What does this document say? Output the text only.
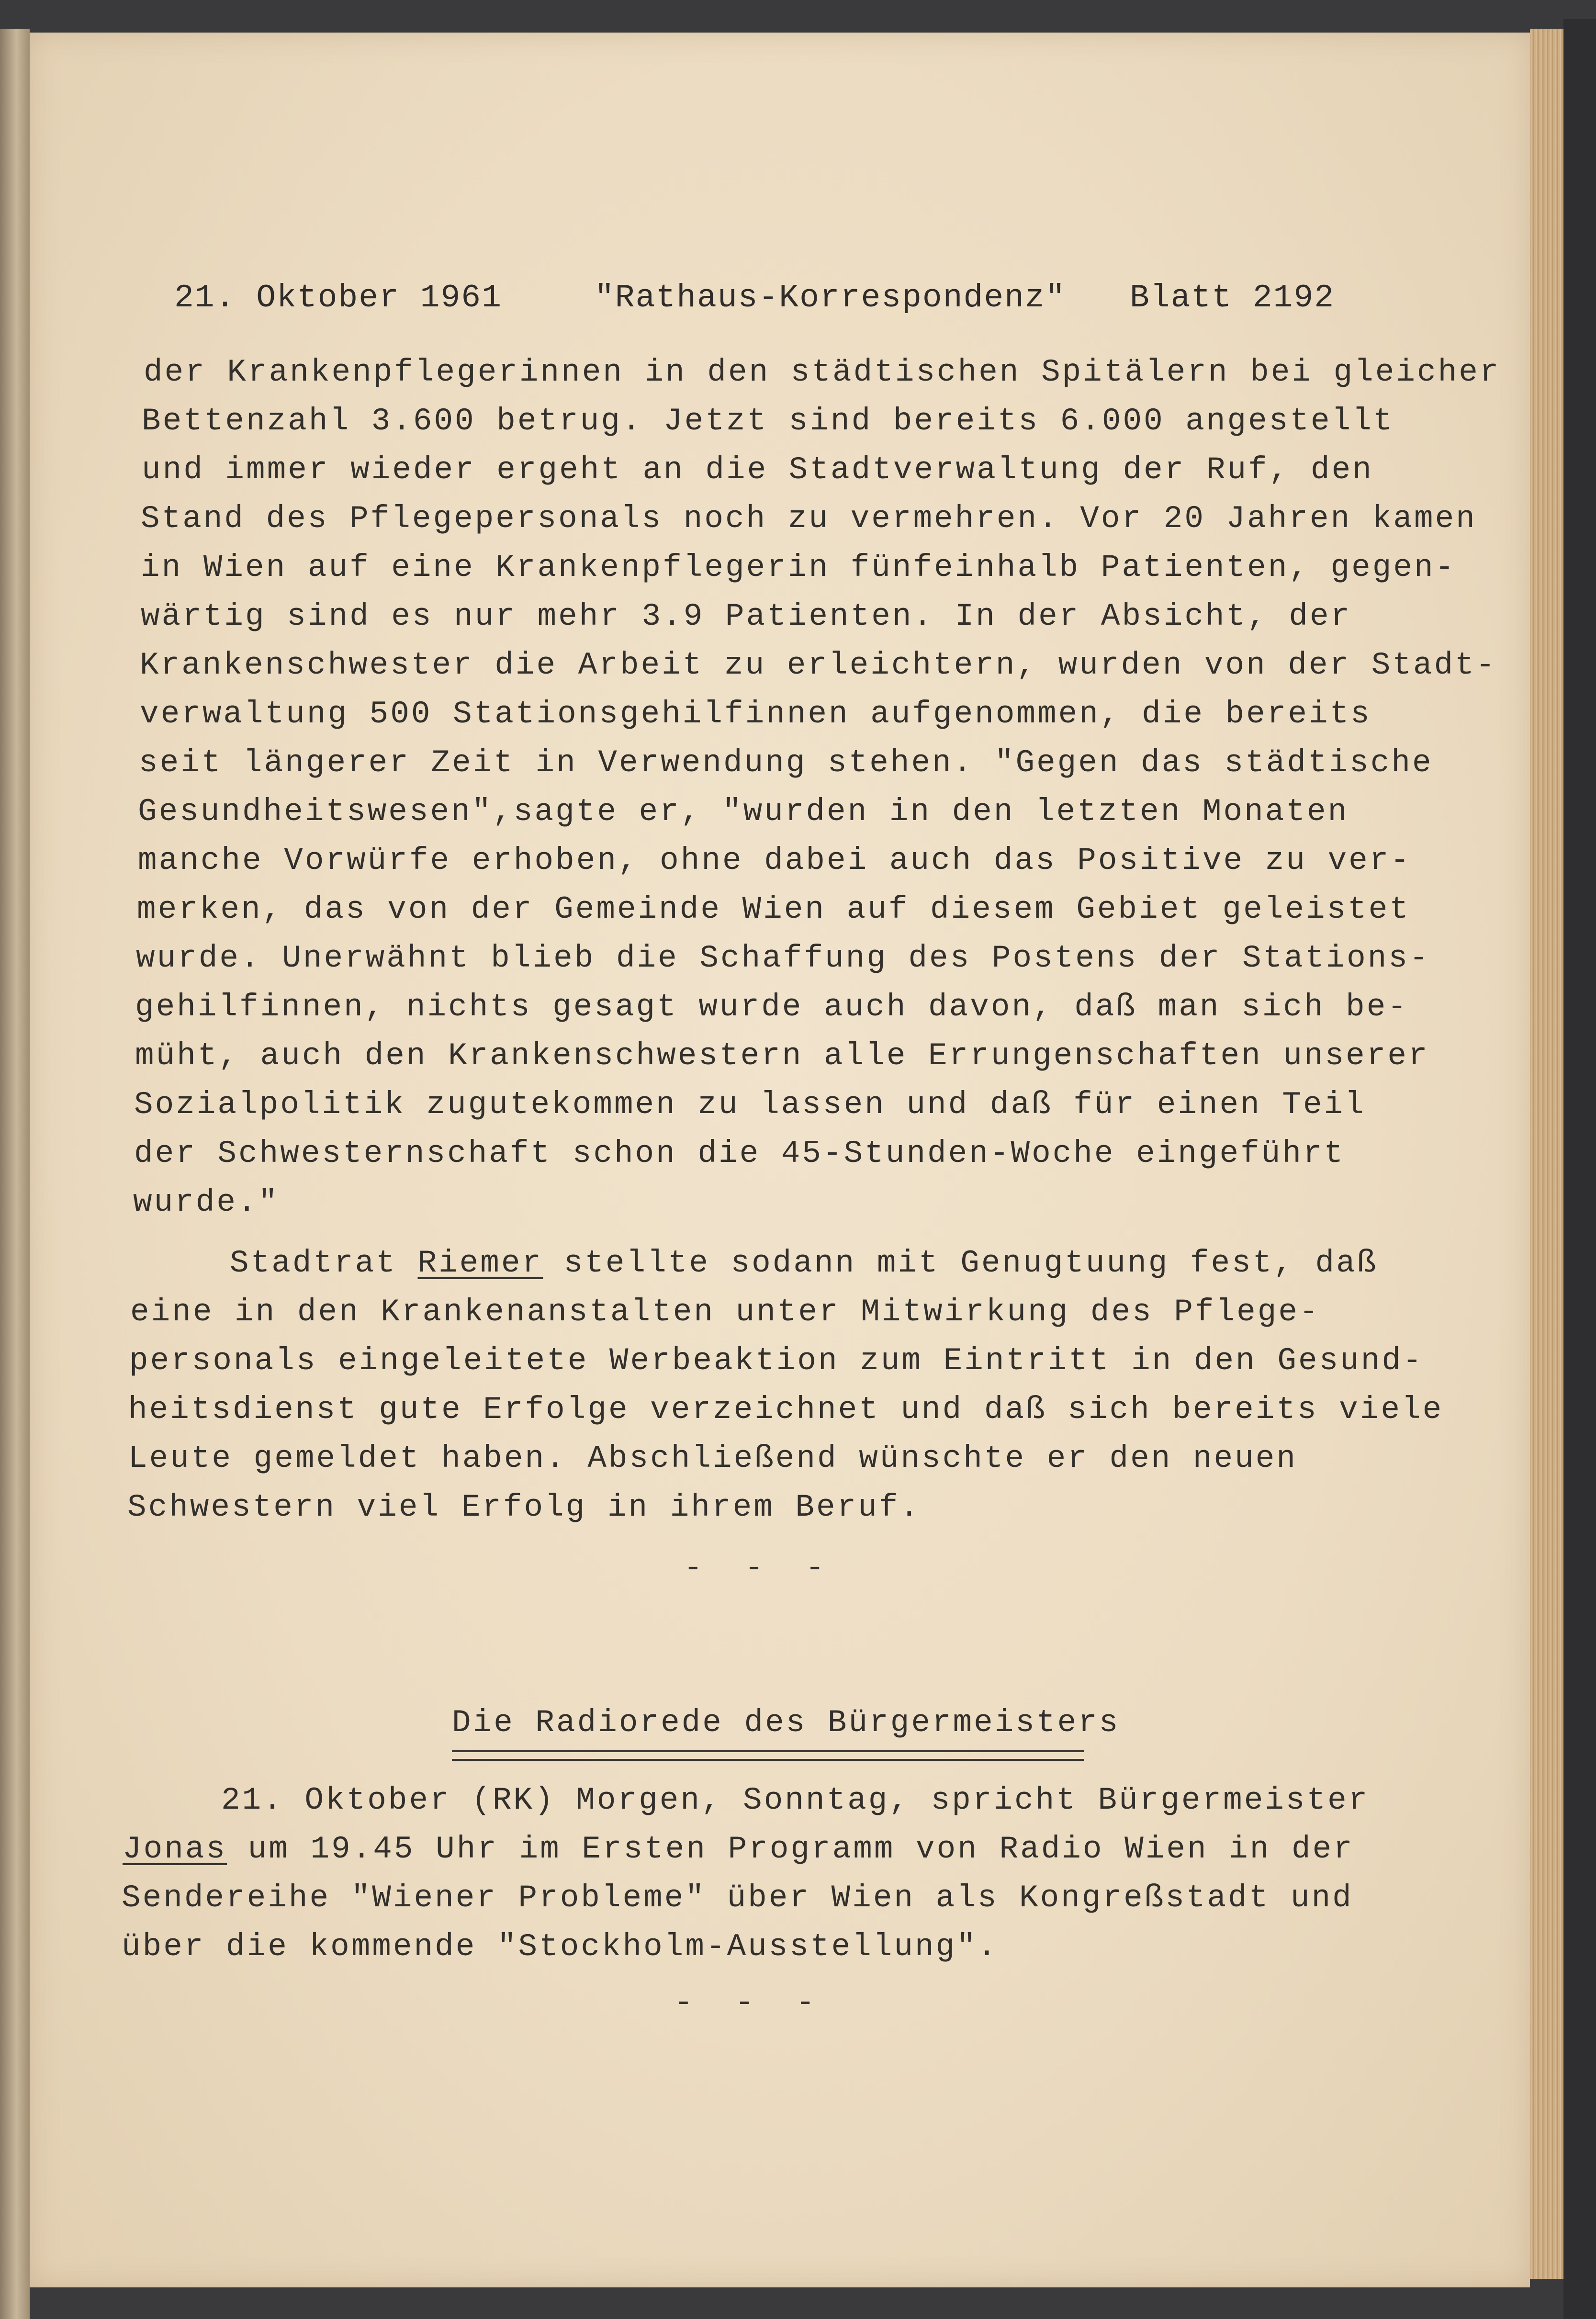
21. Oktober 1961	"Rathaus-Korrespondenz" Blatt 2192
der Krankenpflegerinnen in den städtischen Spitälern bei gleicher
Bettenzahl 3.600 betrug. Jetzt sind bereits 6.000 angestellt
und immer wieder ergeht an die Stadtverwaltung der Ruf, den
Stand des Pflegepersonals noch zu vermehren. Vor 20 Jahren kamen
in Wien auf eine Krankenpflegerin fünfeinhalb Patienten, gegen-
wärtig sind es nur mehr 3.9 Patienten. In der Absicht, der
Krankenschwester die Arbeit zu erleichtern, wurden von der Stadt-
verwaltung 500 Stationsgehilfinnen aufgenommen, die bereits
seit längerer Zeit in Verwendung stehen. "Gegen das städtische
Gesundheitswesen",sagte er, "wurden in den letzten Monaten
manche Vorwürfe erhoben, ohne dabei auch das Positive zu ver-
merken, das von der Gemeinde Wien auf diesem Gebiet geleistet
wurde. Unerwähnt blieb die Schaffung des Postens der Stations-
gehilfinnen, nichts gesagt wurde auch davon, daß man sich be-
müht, auch den Krankenschwestern alle Errungenschaften unserer
Sozialpolitik zugutekommen zu lassen und daß für einen Teil
der Schwesternschaft schon die 45-Stunden-Woche eingeführt
wurde."
Stadtrat Riemer stellte sodann mit Genugtuung fest, daß
eine in den Krankenanstalten unter Mitwirkung des Pflege-
personals eingeleitete Werbeaktion zum Eintritt in den Gesund-
heitsdienst gute Erfolge verzeichnet und daß sich bereits viele
Leute gemeldet haben. Abschließend wünschte er den neuen
Schwestern viel Erfolg in ihrem Beruf.
- - -
Die Radiorede des Bürgermeisters
21. Oktober (RK) Morgen, Sonntag, spricht Bürgermeister
Jonas um 19.45 Uhr im Ersten Programm von Radio Wien in der
Sendereihe "Wiener Probleme" über Wien als Kongreßstadt und
über die kommende "Stockholm-Ausstellung".
- - -
